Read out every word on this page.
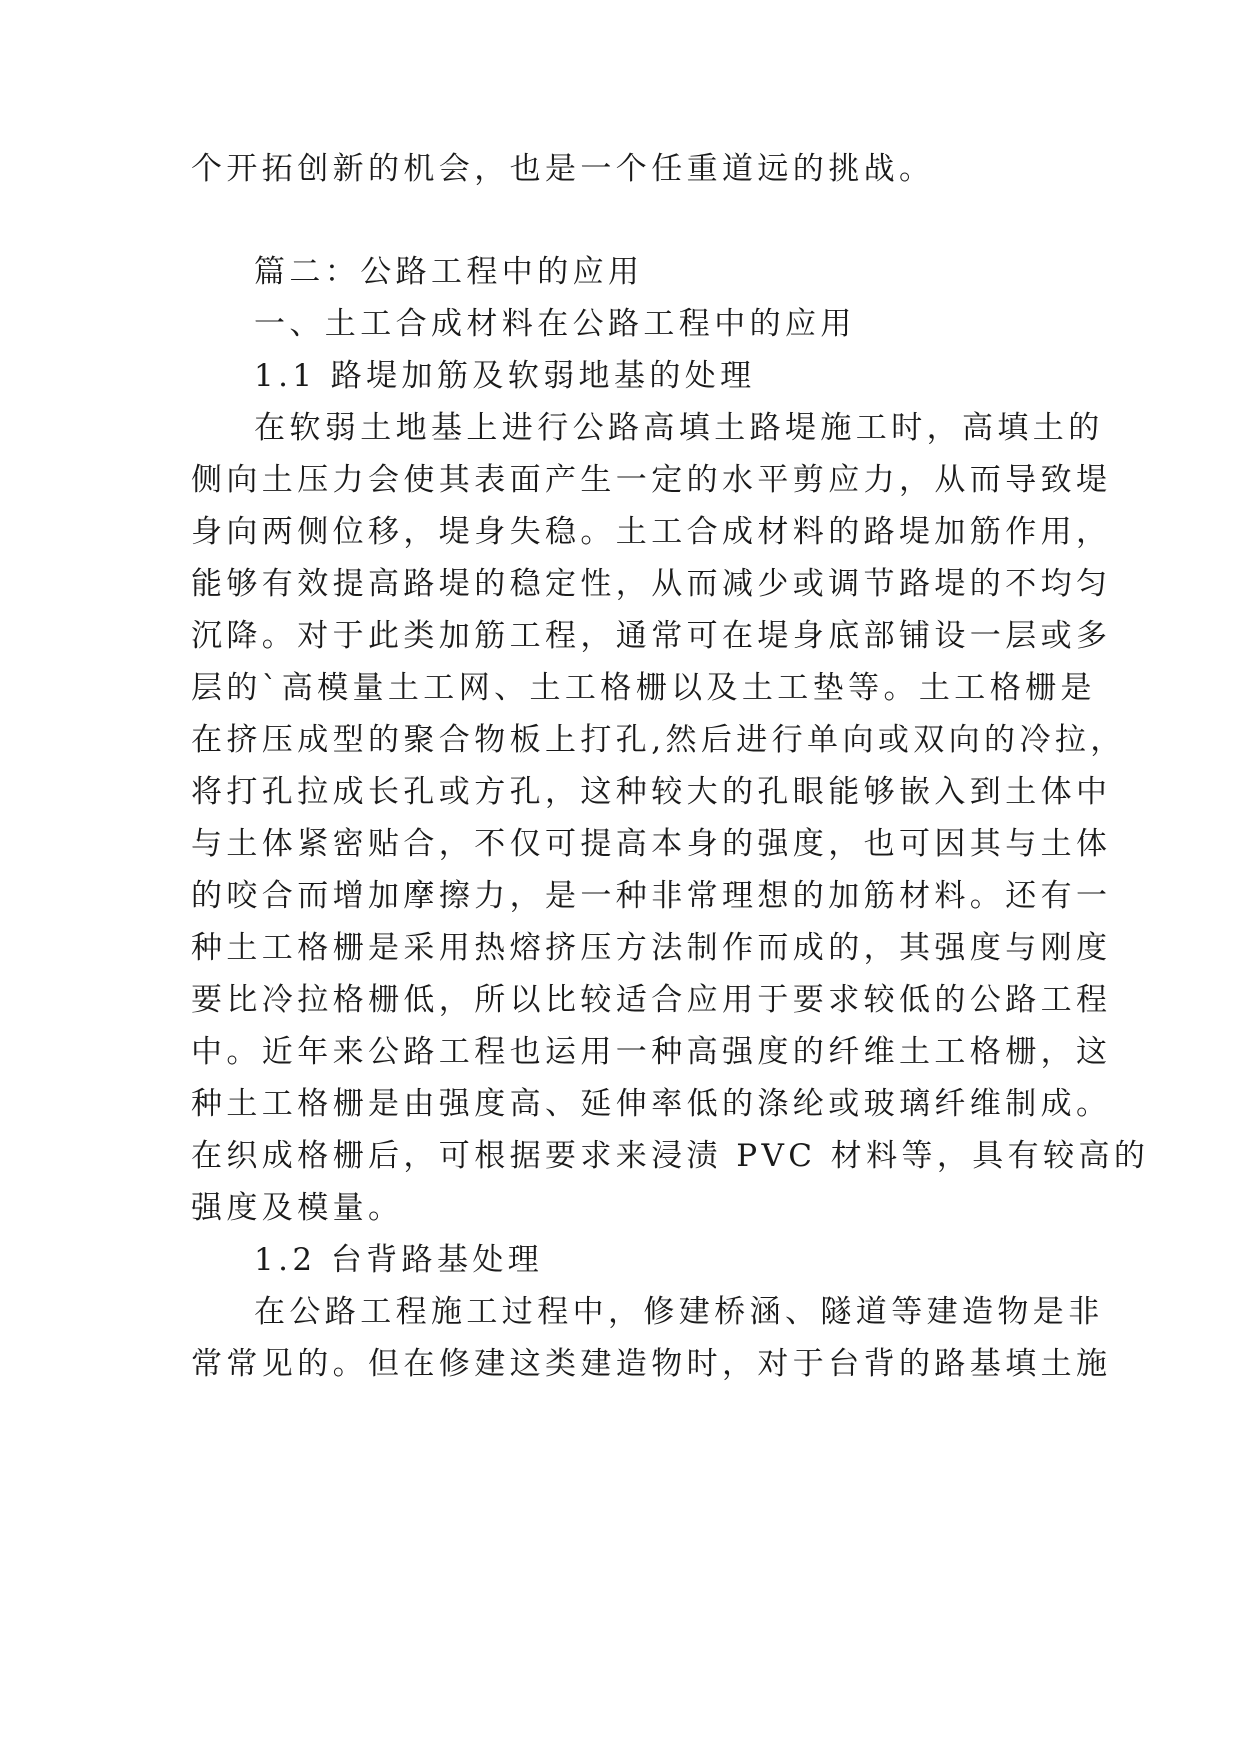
个开拓创新的机会，也是一个任重道远的挑战。
篇二：公路工程中的应用
一、土工合成材料在公路工程中的应用
1.1 路堤加筋及软弱地基的处理
在软弱土地基上进行公路高填土路堤施工时，高填土的
侧向土压力会使其表面产生一定的水平剪应力，从而导致堤
身向两侧位移，堤身失稳。土工合成材料的路堤加筋作用，
能够有效提高路堤的稳定性，从而减少或调节路堤的不均匀
沉降。对于此类加筋工程，通常可在堤身底部铺设一层或多
层的`高模量土工网、土工格栅以及土工垫等。土工格栅是
在挤压成型的聚合物板上打孔,然后进行单向或双向的冷拉，
将打孔拉成长孔或方孔，这种较大的孔眼能够嵌入到土体中
与土体紧密贴合，不仅可提高本身的强度，也可因其与土体
的咬合而增加摩擦力，是一种非常理想的加筋材料。还有一
种土工格栅是采用热熔挤压方法制作而成的，其强度与刚度
要比冷拉格栅低，所以比较适合应用于要求较低的公路工程
中。近年来公路工程也运用一种高强度的纤维土工格栅，这
种土工格栅是由强度高、延伸率低的涤纶或玻璃纤维制成。
在织成格栅后，可根据要求来浸渍 PVC 材料等，具有较高的
强度及模量。
1.2 台背路基处理
在公路工程施工过程中，修建桥涵、隧道等建造物是非
常常见的。但在修建这类建造物时，对于台背的路基填土施
